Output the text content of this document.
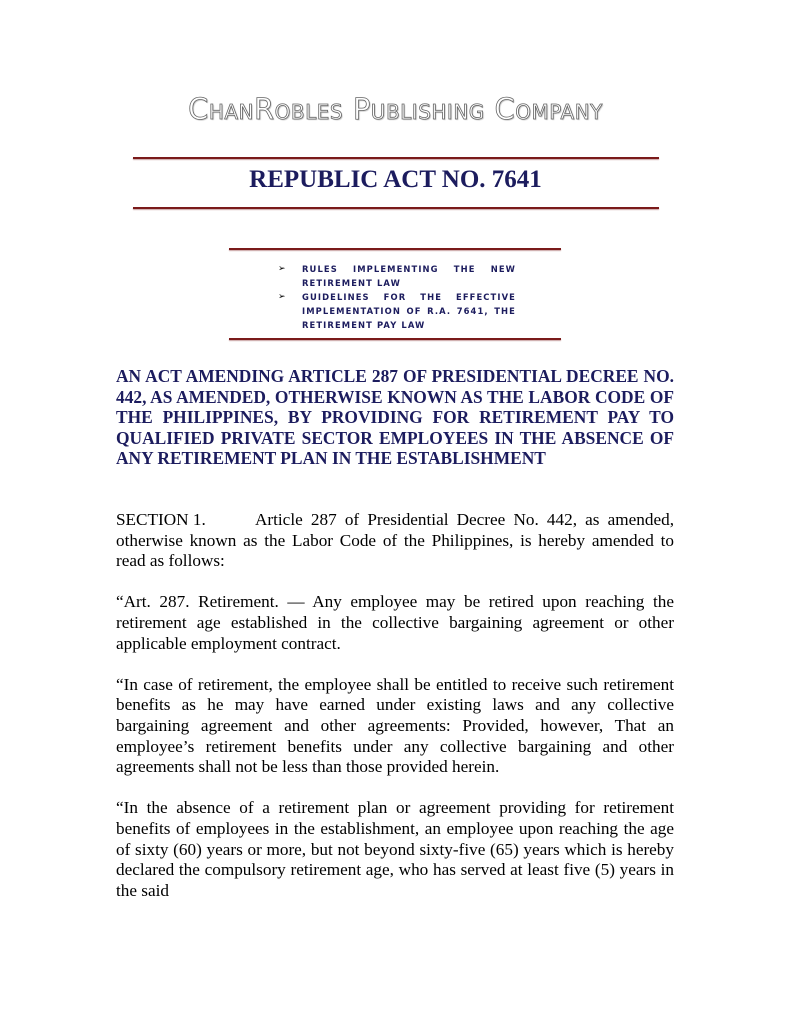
ChanRobles Publishing Company
REPUBLIC ACT NO. 7641
➢ RULES IMPLEMENTING THE NEW RETIREMENT LAW
➢ GUIDELINES FOR THE EFFECTIVE IMPLEMENTATION OF R.A. 7641, THE RETIREMENT PAY LAW
AN ACT AMENDING ARTICLE 287 OF PRESIDENTIAL DECREE NO. 442, AS AMENDED, OTHERWISE KNOWN AS THE LABOR CODE OF THE PHILIPPINES, BY PROVIDING FOR RETIREMENT PAY TO QUALIFIED PRIVATE SECTOR EMPLOYEES IN THE ABSENCE OF ANY RETIREMENT PLAN IN THE ESTABLISHMENT

SECTION 1.	Article 287 of Presidential Decree No. 442, as amended, otherwise known as the Labor Code of the Philippines, is hereby amended to read as follows:

“Art. 287. Retirement. — Any employee may be retired upon reaching the retirement age established in the collective bargaining agreement or other applicable employment contract.

“In case of retirement, the employee shall be entitled to receive such retirement benefits as he may have earned under existing laws and any collective bargaining agreement and other agreements: Provided, however, That an employee’s retirement benefits under any collective bargaining and other agreements shall not be less than those provided herein.

“In the absence of a retirement plan or agreement providing for retirement benefits of employees in the establishment, an employee upon reaching the age of sixty (60) years or more, but not beyond sixty-five (65) years which is hereby declared the compulsory retirement age, who has served at least five (5) years in the said
